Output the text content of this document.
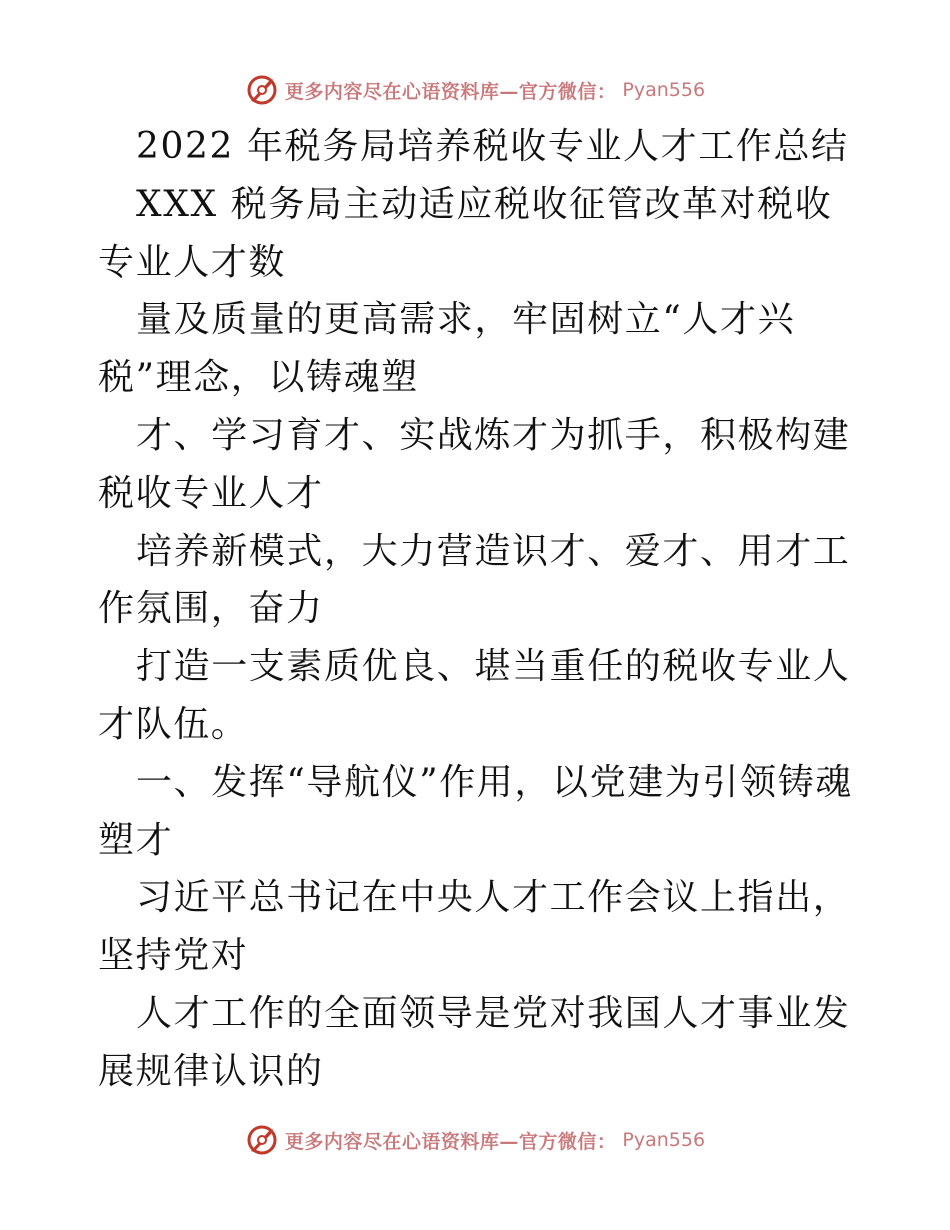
更多内容尽在心语资料库—官方微信： Pyan556

2022 年税务局培养税收专业人才工作总结

XXX 税务局主动适应税收征管改革对税收专业人才数

量及质量的更高需求，牢固树立“人才兴税”理念，以铸魂塑

才、学习育才、实战炼才为抓手，积极构建税收专业人才

培养新模式，大力营造识才、爱才、用才工作氛围，奋力

打造一支素质优良、堪当重任的税收专业人才队伍。

一、发挥“导航仪”作用，以党建为引领铸魂塑才

习近平总书记在中央人才工作会议上指出，坚持党对

人才工作的全面领导是党对我国人才事业发展规律认识的

更多内容尽在心语资料库—官方微信： Pyan556
